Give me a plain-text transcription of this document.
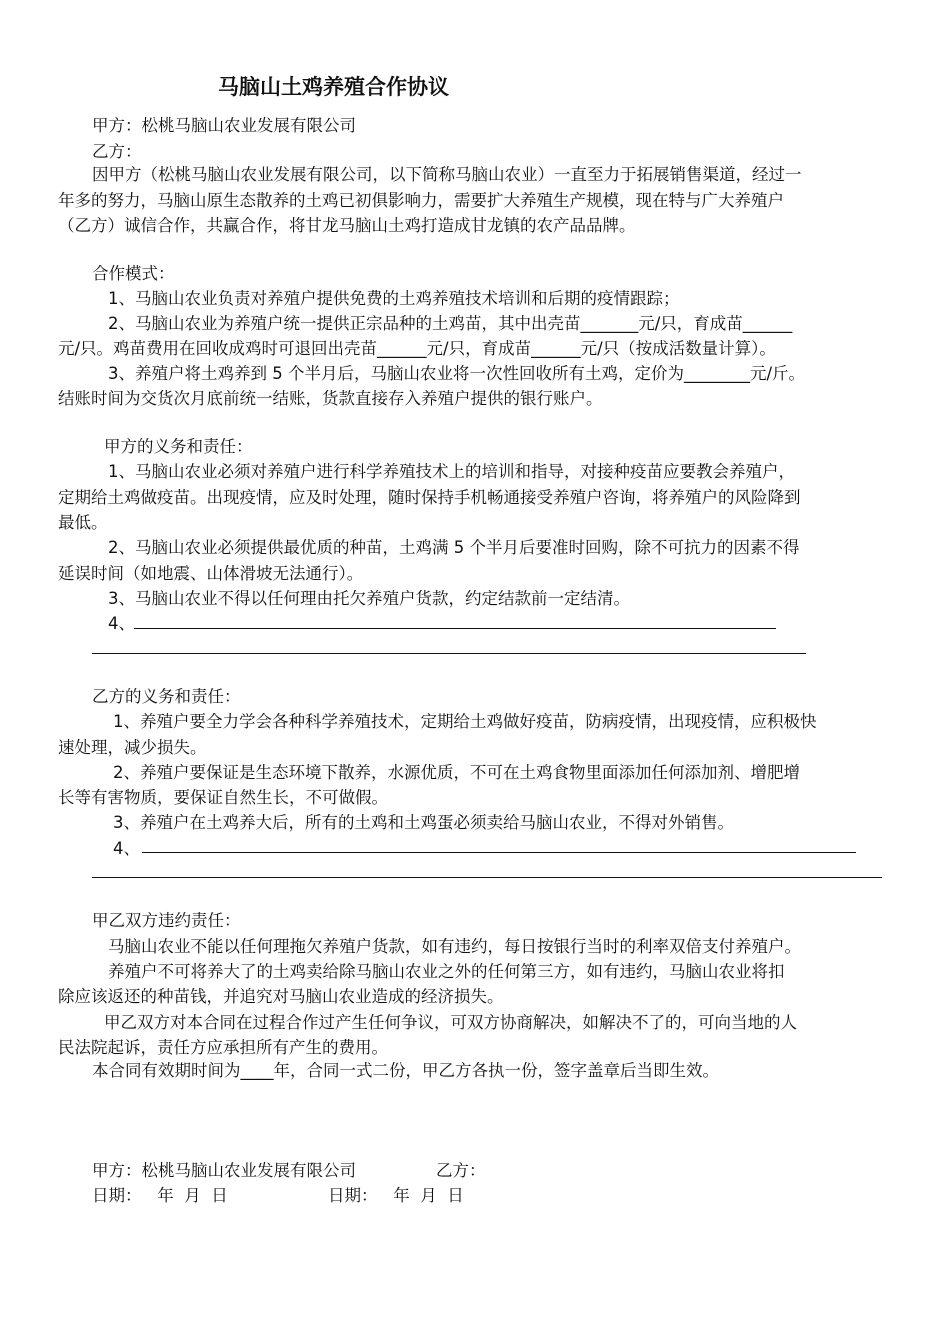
马脑山土鸡养殖合作协议
甲方：松桃马脑山农业发展有限公司
乙方：
因甲方（松桃马脑山农业发展有限公司，以下简称马脑山农业）一直至力于拓展销售渠道，经过一
年多的努力，马脑山原生态散养的土鸡已初俱影响力，需要扩大养殖生产规模，现在特与广大养殖户
（乙方）诚信合作，共赢合作，将甘龙马脑山土鸡打造成甘龙镇的农产品品牌。
合作模式：
1、马脑山农业负责对养殖户提供免费的土鸡养殖技术培训和后期的疫情跟踪；
2、马脑山农业为养殖户统一提供正宗品种的土鸡苗，其中出壳苗_______元/只，育成苗______
元/只。鸡苗费用在回收成鸡时可退回出壳苗______元/只，育成苗______元/只（按成活数量计算）。
3、养殖户将土鸡养到 5 个半月后，马脑山农业将一次性回收所有土鸡，定价为________元/斤。
结账时间为交货次月底前统一结账，货款直接存入养殖户提供的银行账户。
甲方的义务和责任：
1、马脑山农业必须对养殖户进行科学养殖技术上的培训和指导，对接种疫苗应要教会养殖户，
定期给土鸡做疫苗。出现疫情，应及时处理，随时保持手机畅通接受养殖户咨询，将养殖户的风险降到
最低。
2、马脑山农业必须提供最优质的种苗，土鸡满 5 个半月后要准时回购，除不可抗力的因素不得
延误时间（如地震、山体滑坡无法通行）。
3、马脑山农业不得以任何理由托欠养殖户货款，约定结款前一定结清。
4、
乙方的义务和责任：
1、养殖户要全力学会各种科学养殖技术，定期给土鸡做好疫苗，防病疫情，出现疫情，应积极快
速处理，减少损失。
2、养殖户要保证是生态环境下散养，水源优质，不可在土鸡食物里面添加任何添加剂、增肥增
长等有害物质，要保证自然生长，不可做假。
3、养殖户在土鸡养大后，所有的土鸡和土鸡蛋必须卖给马脑山农业，不得对外销售。
4、
甲乙双方违约责任：
马脑山农业不能以任何理拖欠养殖户货款，如有违约，每日按银行当时的利率双倍支付养殖户。
养殖户不可将养大了的土鸡卖给除马脑山农业之外的任何第三方，如有违约，马脑山农业将扣
除应该返还的种苗钱，并追究对马脑山农业造成的经济损失。
甲乙双方对本合同在过程合作过产生任何争议，可双方协商解决，如解决不了的，可向当地的人
民法院起诉，责任方应承担所有产生的费用。
本合同有效期时间为____年，合同一式二份，甲乙方各执一份，签字盖章后当即生效。
甲方：松桃马脑山农业发展有限公司	乙方：
日期：   年  月  日	日期：   年  月  日
